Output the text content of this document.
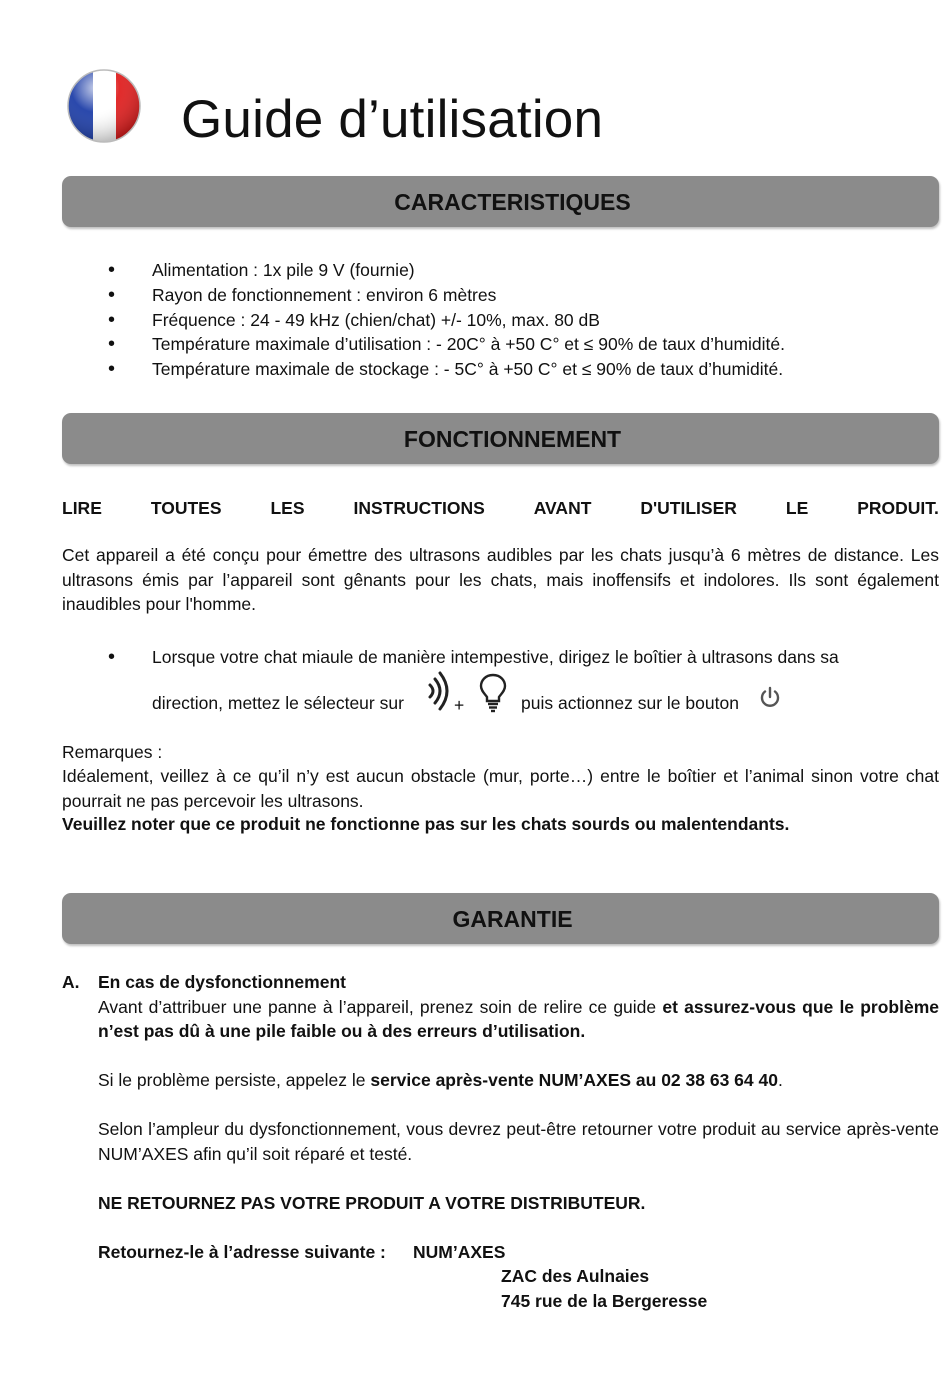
Guide d’utilisation
CARACTERISTIQUES
• Alimentation : 1x pile 9 V (fournie)
• Rayon de fonctionnement : environ 6 mètres
• Fréquence : 24 - 49 kHz (chien/chat) +/- 10%, max. 80 dB
• Température maximale d’utilisation : - 20C° à +50 C° et ≤ 90% de taux d’humidité.
• Température maximale de stockage : - 5C° à +50 C° et ≤ 90% de taux d’humidité.
FONCTIONNEMENT
LIRE	TOUTES	LES	INSTRUCTIONS	AVANT	D'UTILISER	LE	PRODUIT.
Cet appareil a été conçu pour émettre des ultrasons audibles par les chats jusqu’à 6 mètres de distance. Les ultrasons émis par l’appareil sont gênants pour les chats, mais inoffensifs et indolores. Ils sont également inaudibles pour l'homme.
• Lorsque votre chat miaule de manière intempestive, dirigez le boîtier à ultrasons dans sa
direction, mettez le sélecteur sur	+	puis actionnez sur le bouton
Remarques :
Idéalement, veillez à ce qu’il n’y est aucun obstacle (mur, porte…) entre le boîtier et l’animal sinon votre chat pourrait ne pas percevoir les ultrasons.
Veuillez noter que ce produit ne fonctionne pas sur les chats sourds ou malentendants.
GARANTIE
A. En cas de dysfonctionnement

Avant d’attribuer une panne à l’appareil, prenez soin de relire ce guide et assurez-vous que le problème n’est pas dû à une pile faible ou à des erreurs d’utilisation.

Si le problème persiste, appelez le service après-vente NUM’AXES au 02 38 63 64 40.

Selon l’ampleur du dysfonctionnement, vous devrez peut-être retourner votre produit au service après-vente NUM’AXES afin qu’il soit réparé et testé.

NE RETOURNEZ PAS VOTRE PRODUIT A VOTRE DISTRIBUTEUR.

Retournez-le à l’adresse suivante : NUM’AXES
ZAC des Aulnaies
745 rue de la Bergeresse
